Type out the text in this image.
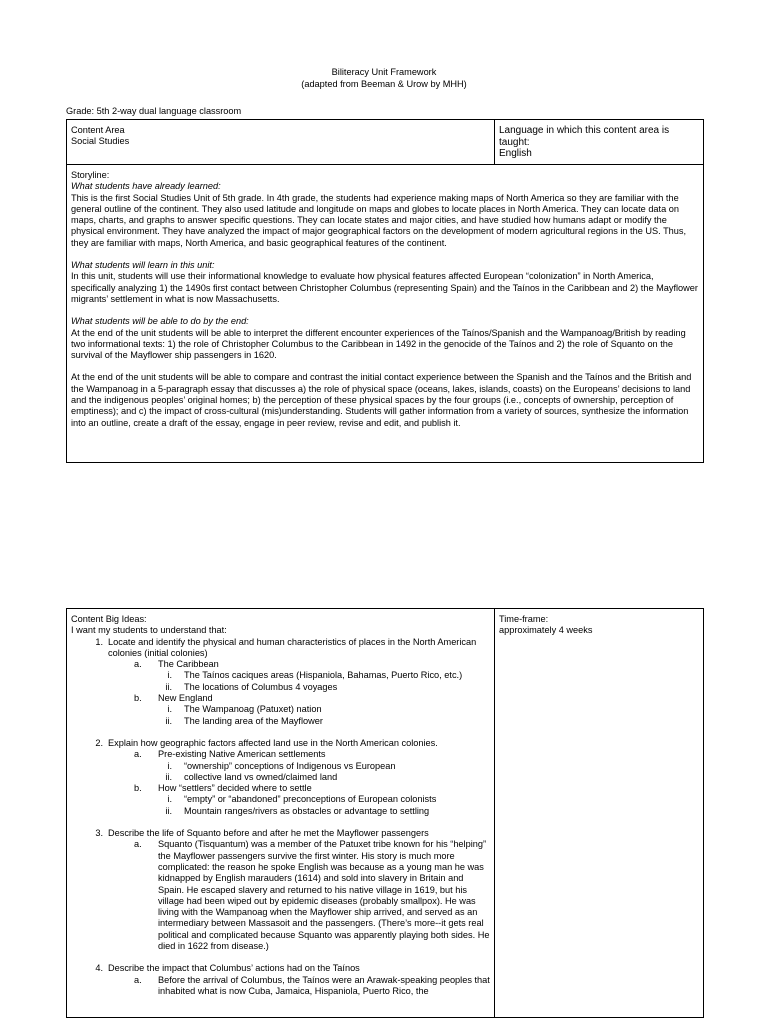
Biliteracy Unit Framework
(adapted from Beeman & Urow by MHH)
Grade: 5th 2-way dual language classroom
Content Area
Social Studies

Language in which this content area is taught:
English

Storyline:

What students have already learned:

This is the first Social Studies Unit of 5th grade. In 4th grade, the students had experience making maps of North America so they are familiar with the general outline of the continent. They also used latitude and longitude on maps and globes to locate places in North America. They can locate data on maps, charts, and graphs to answer specific questions. They can locate states and major cities, and have studied how humans adapt or modify the physical environment. They have analyzed the impact of major geographical factors on the development of modern agricultural regions in the US. Thus, they are familiar with maps, North America, and basic geographical features of the continent.

What students will learn in this unit:

In this unit, students will use their informational knowledge to evaluate how physical features affected European “colonization” in North America, specifically analyzing 1) the 1490s first contact between Christopher Columbus (representing Spain) and the Taínos in the Caribbean and 2) the Mayflower migrants’ settlement in what is now Massachusetts.

What students will be able to do by the end:

At the end of the unit students will be able to interpret the different encounter experiences of the Taínos/Spanish and the Wampanoag/British by reading two informational texts: 1) the role of Christopher Columbus to the Caribbean in 1492 in the genocide of the Taínos and 2) the role of Squanto on the survival of the Mayflower ship passengers in 1620.

At the end of the unit students will be able to compare and contrast the initial contact experience between the Spanish and the Taínos and the British and the Wampanoag in a 5-paragraph essay that discusses a) the role of physical space (oceans, lakes, islands, coasts) on the Europeans’ decisions to land and the indigenous peoples’ original homes; b) the perception of these physical spaces by the four groups (i.e., concepts of ownership, perception of emptiness); and c) the impact of cross-cultural (mis)understanding. Students will gather information from a variety of sources, synthesize the information into an outline, create a draft of the essay, engage in peer review, revise and edit, and publish it.

Content Big Ideas:
I want my students to understand that:
1. Locate and identify the physical and human characteristics of places in the North American colonies (initial colonies)
a.	The Caribbean
i.	The Taínos caciques areas (Hispaniola, Bahamas, Puerto Rico, etc.)
ii.	The locations of Columbus 4 voyages
b.	New England
i.	The Wampanoag (Patuxet) nation
ii.	The landing area of the Mayflower
2. Explain how geographic factors affected land use in the North American colonies.
a.	Pre-existing Native American settlements
i.	“ownership” conceptions of Indigenous vs European
ii.	collective land vs owned/claimed land
b.	How “settlers” decided where to settle
i.	“empty” or “abandoned” preconceptions of European colonists
ii.	Mountain ranges/rivers as obstacles or advantage to settling
3. Describe the life of Squanto before and after he met the Mayflower passengers
a.	Squanto (Tisquantum) was a member of the Patuxet tribe known for his “helping” the Mayflower passengers survive the first winter. His story is much more complicated: the reason he spoke English was because as a young man he was kidnapped by English marauders (1614) and sold into slavery in Britain and Spain. He escaped slavery and returned to his native village in 1619, but his village had been wiped out by epidemic diseases (probably smallpox). He was living with the Wampanoag when the Mayflower ship arrived, and served as an intermediary between Massasoit and the passengers. (There’s more--it gets real political and complicated because Squanto was apparently playing both sides. He died in 1622 from disease.)
4. Describe the impact that Columbus’ actions had on the Taínos
a.	Before the arrival of Columbus, the Taínos were an Arawak-speaking peoples that inhabited what is now Cuba, Jamaica, Hispaniola, Puerto Rico, the

Time-frame:
approximately 4 weeks
